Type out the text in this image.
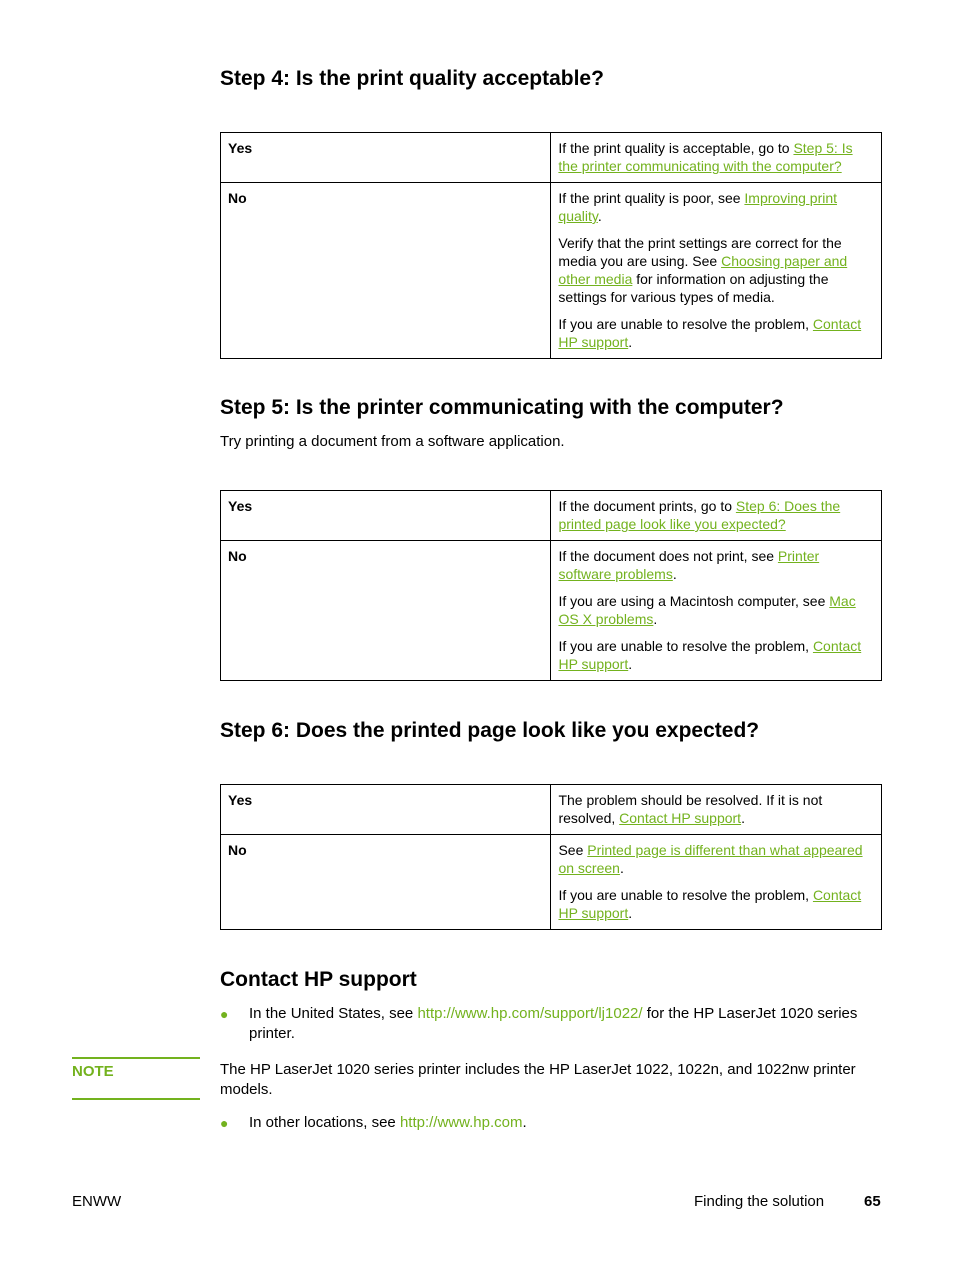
Step 4: Is the print quality acceptable?
Yes	If the print quality is acceptable, go to Step 5: Is the printer communicating with the computer?

No	If the print quality is poor, see Improving print quality.

Verify that the print settings are correct for the media you are using. See Choosing paper and other media for information on adjusting the settings for various types of media.

If you are unable to resolve the problem, Contact HP support.

Step 5: Is the printer communicating with the computer?

Try printing a document from a software application.

Yes	If the document prints, go to Step 6: Does the printed page look like you expected?

No	If the document does not print, see Printer software problems.

If you are using a Macintosh computer, see Mac OS X problems.

If you are unable to resolve the problem, Contact HP support.

Step 6: Does the printed page look like you expected?
Yes	The problem should be resolved. If it is not resolved, Contact HP support.

No	See Printed page is different than what appeared on screen.

If you are unable to resolve the problem, Contact HP support.

Contact HP support
● In the United States, see http://www.hp.com/support/lj1022/ for the HP LaserJet 1020 series printer.
● In other locations, see http://www.hp.com.
NOTE	The HP LaserJet 1020 series printer includes the HP LaserJet 1022, 1022n, and 1022nw printer models.
ENWW	Finding the solution	65
